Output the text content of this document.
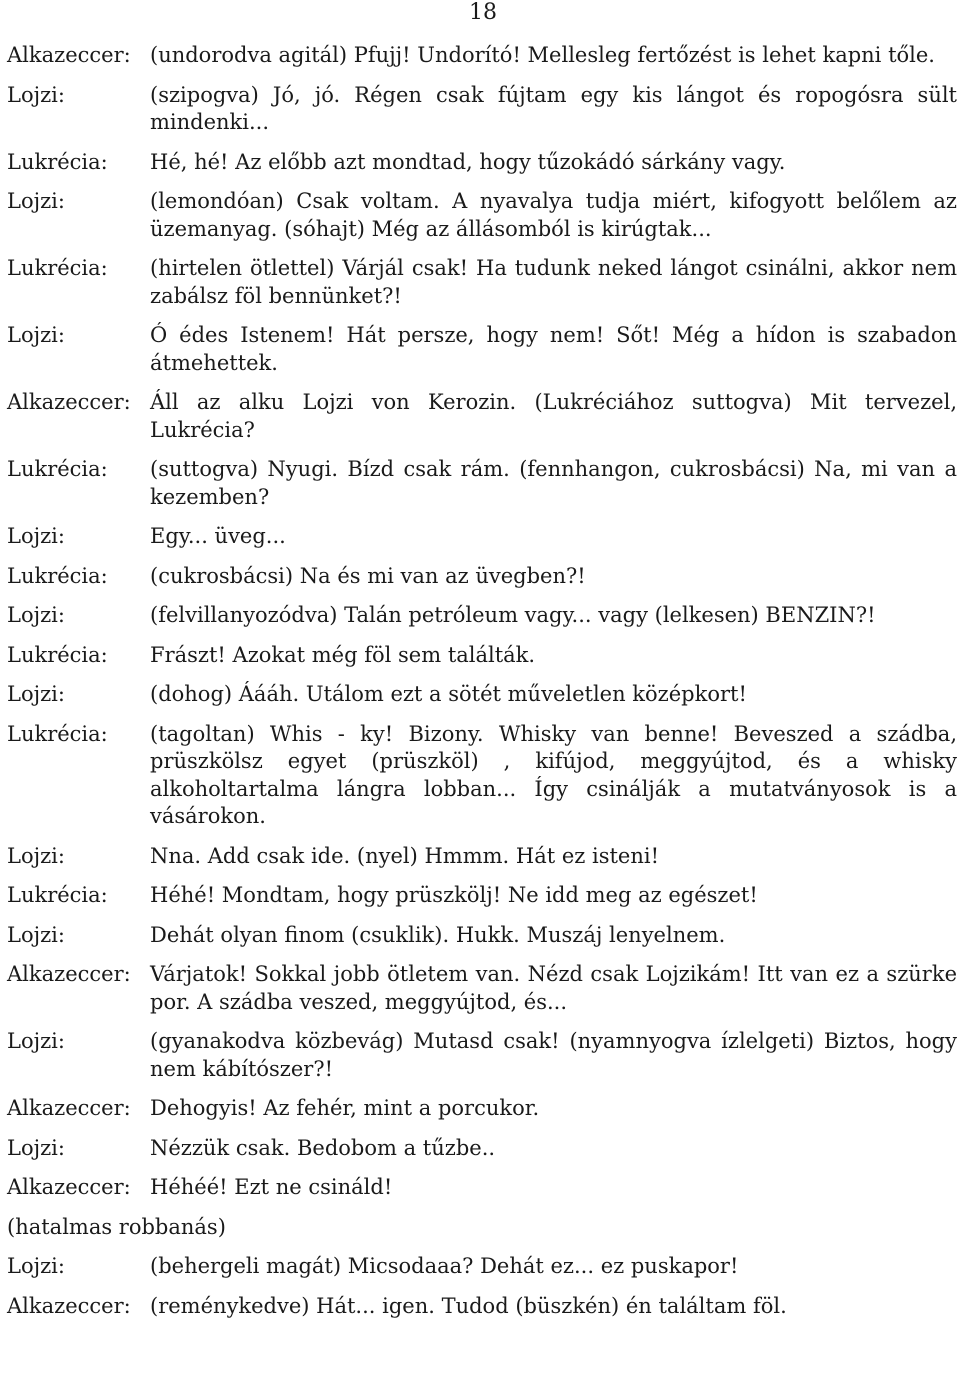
18
Alkazeccer: (undorodva agitál) Pfujj! Undorító! Mellesleg fertőzést is lehet kapni tőle.
Lojzi:	(szipogva) Jó, jó. Régen csak fújtam egy kis lángot és ropogósra sült mindenki...
Lukrécia:	Hé, hé! Az előbb azt mondtad, hogy tűzokádó sárkány vagy.
Lojzi:	(lemondóan) Csak voltam. A nyavalya tudja miért, kifogyott belőlem az üzemanyag. (sóhajt) Még az állásomból is kirúgtak...
Lukrécia:	(hirtelen ötlettel) Várjál csak! Ha tudunk neked lángot csinálni, akkor nem zabálsz föl bennünket?!
Lojzi:	Ó édes Istenem! Hát persze, hogy nem! Sőt! Még a hídon is szabadon átmehettek.
Alkazeccer: Áll az alku Lojzi von Kerozin. (Lukréciához suttogva) Mit tervezel, Lukrécia?
Lukrécia:	(suttogva) Nyugi. Bízd csak rám. (fennhangon, cukrosbácsi) Na, mi van a kezemben?
Lojzi:	Egy... üveg...
Lukrécia:	(cukrosbácsi) Na és mi van az üvegben?!
Lojzi:	(felvillanyozódva) Talán petróleum vagy... vagy (lelkesen) BENZIN?!
Lukrécia:	Frászt! Azokat még föl sem találták.
Lojzi:	(dohog) Áááh. Utálom ezt a sötét műveletlen középkort!
Lukrécia:	(tagoltan) Whis - ky! Bizony. Whisky van benne! Beveszed a szádba, prüszkölsz egyet (prüszköl) , kifújod, meggyújtod, és a whisky alkoholtartalma lángra lobban... Így csinálják a mutatványosok is a vásárokon.
Lojzi:	Nna. Add csak ide. (nyel) Hmmm. Hát ez isteni!
Lukrécia:	Héhé! Mondtam, hogy prüszkölj! Ne idd meg az egészet!
Lojzi:	Dehát olyan finom (csuklik). Hukk. Muszáj lenyelnem.
Alkazeccer: Várjatok! Sokkal jobb ötletem van. Nézd csak Lojzikám! Itt van ez a szürke por. A szádba veszed, meggyújtod, és...
Lojzi:	(gyanakodva közbevág) Mutasd csak! (nyamnyogva ízlelgeti) Biztos, hogy nem kábítószer?!
Alkazeccer: Dehogyis! Az fehér, mint a porcukor.
Lojzi:	Nézzük csak. Bedobom a tűzbe..
Alkazeccer: Héhéé! Ezt ne csináld!
(hatalmas robbanás)
Lojzi:	(behergeli magát) Micsodaaa? Dehát ez... ez puskapor!
Alkazeccer: (reménykedve) Hát... igen. Tudod (büszkén) én találtam föl.
